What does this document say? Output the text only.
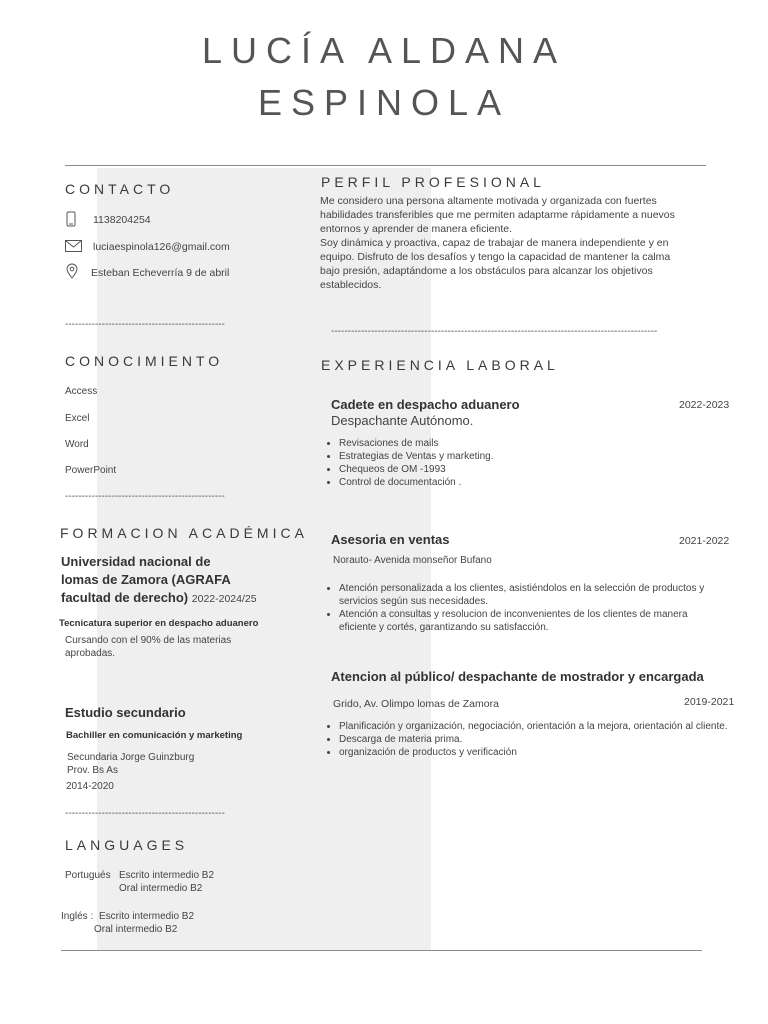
LUCÍA ALDANA
ESPINOLA
CONTACTO
1138204254
luciaespinola126@gmail.com
Esteban Echeverría 9 de abril
------------------------------------------------
CONOCIMIENTO
Access
Excel
Word
PowerPoint
------------------------------------------------
FORMACION ACADÉMICA
Universidad nacional de
lomas de Zamora (AGRAFA
facultad de derecho) 2022-2024/25
Tecnicatura superior en despacho aduanero
Cursando con el 90% de las materias
aprobadas.
Estudio secundario
Bachiller en comunicación y marketing
Secundaria Jorge Guinzburg
Prov. Bs As
2014-2020
------------------------------------------------
LANGUAGES
Portugués Escrito intermedio B2
Oral intermedio B2
Inglés : Escrito intermedio B2
Oral intermedio B2
PERFIL PROFESIONAL
Me considero una persona altamente motivada y organizada con fuertes
habilidades transferibles que me permiten adaptarme rápidamente a nuevos
entornos y aprender de manera eficiente.
Soy dinámica y proactiva, capaz de trabajar de manera independiente y en
equipo. Disfruto de los desafíos y tengo la capacidad de mantener la calma
bajo presión, adaptándome a los obstáculos para alcanzar los objetivos
establecidos.
--------------------------------------------------------------------------------------------------
EXPERIENCIA LABORAL
Cadete en despacho aduanero	2022-2023
Despachante Autónomo.
• Revisaciones de mails
• Estrategias de Ventas y marketing.
• Chequeos de OM -1993
• Control de documentación .
Asesoria en ventas	2021-2022
Norauto- Avenida monseñor Bufano
• Atención personalizada a los clientes, asistiéndolos en la selección de productos y servicios según sus necesidades.
• Atención a consultas y resolucion de inconvenientes de los clientes de manera eficiente y cortés, garantizando su satisfacción.
Atencion al público/ despachante de mostrador y encargada
2019-2021
Grido, Av. Olimpo lomas de Zamora
• Planificación y organización, negociación, orientación a la mejora, orientación al cliente.
• Descarga de materia prima.
• organización de productos y verificación
